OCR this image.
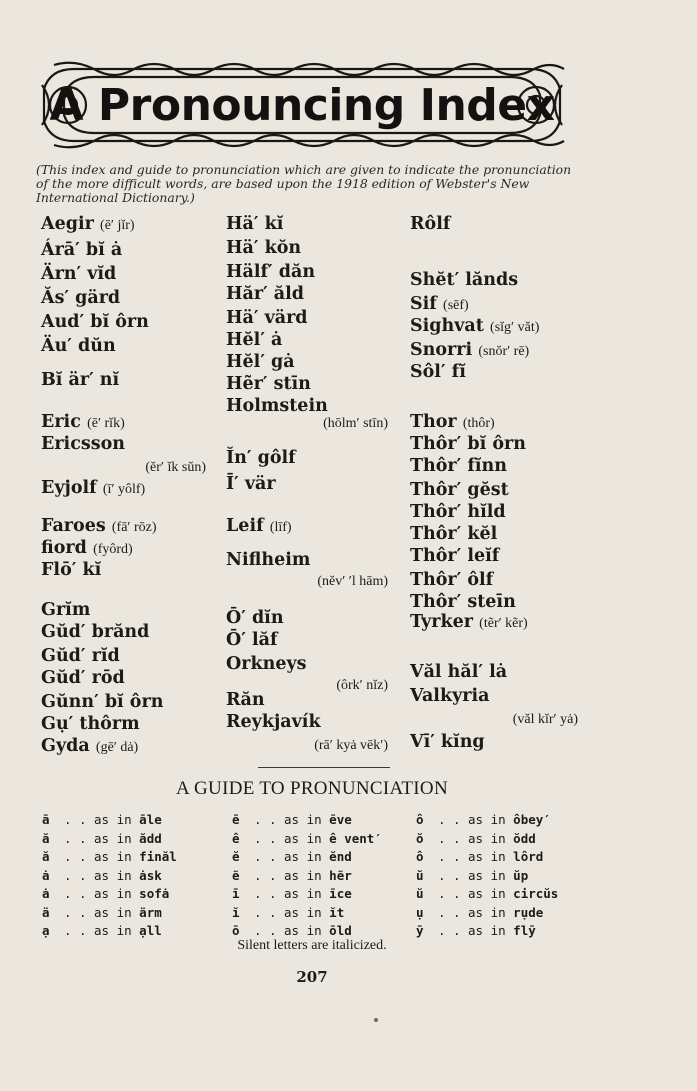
A Pronouncing Index
(This index and guide to pronunciation which are given to indicate the pronunciation of the more difficult words, are based upon the 1918 edition of Webster's New International Dictionary.)
Aegir (ē′ jĭr)
Árā′ bĭ ȧ
Ärn′ vĭd
Ăs′ gärd
Aud′ bĭ ôrn
Äu′ dŭn
Bĭ är′ nĭ
Eric (ē′ rĭk)
Ericsson
(ĕr′ ĭk sŭn)
Eyjolf (ī′ yôlf)
Faroes (fā′ rōz)
fiord (fyôrd)
Flō′ kĭ
Grĭm
Gŭd′ brănd
Gŭd′ rĭd
Gŭd′ rōd
Gŭnn′ bĭ ôrn
Gụ′ thôrm
Gyda (gē′ dȧ)
Hä′ kĭ
Hä′ kŏn
Hälf′ dăn
Hăr′ ăld
Hä′ värd
Hĕl′ ȧ
Hĕl′ gȧ
Hẽr′ stīn
Holmstein
(hōlm′ stīn)
Ĭn′ gôlf
Ī′ vär
Leif (līf)
Niflheim
(nĕv′ ′l hām)
Ō′ dĭn
Ō′ lăf
Orkneys
(ôrk′ nĭz)
Răn
Reykjavík
(rā′ kyȧ vēk′)
Rôlf
Shĕt′ lănds
Sif (sēf)
Sighvat (sĭg′ văt)
Snorri (snŏr′ rē)
Sôl′ fĭ
Thor (thôr)
Thôr′ bĭ ôrn
Thôr′ fĭnn
Thôr′ gĕst
Thôr′ hĭld
Thôr′ kĕl
Thôr′ leĭf
Thôr′ ôlf
Thôr′ steīn
Tyrker (tẽr′ kẽr)
Văl hăl′ lȧ
Valkyria
(văl kĭr′ yȧ)
Vī′ kĭng
A GUIDE TO PRONUNCIATION
ā . . as in āle
ă . . as in ădd
ă . . as in finăl
ȧ . . as in ȧsk
ȧ . . as in sofȧ
ä . . as in ärm
ạ . . as in ạll
ē . . as in ēve
ê . . as in ê vent′
ĕ . . as in ĕnd
ẽ . . as in hẽr
ī . . as in īce
ĭ . . as in ĭt
ō . . as in ōld
ô . . as in ôbey′
ŏ . . as in ŏdd
ô . . as in lôrd
ŭ . . as in ŭp
ŭ . . as in circŭs
ụ . . as in rụde
ȳ . . as in flȳ
Silent letters are italicized.
207
